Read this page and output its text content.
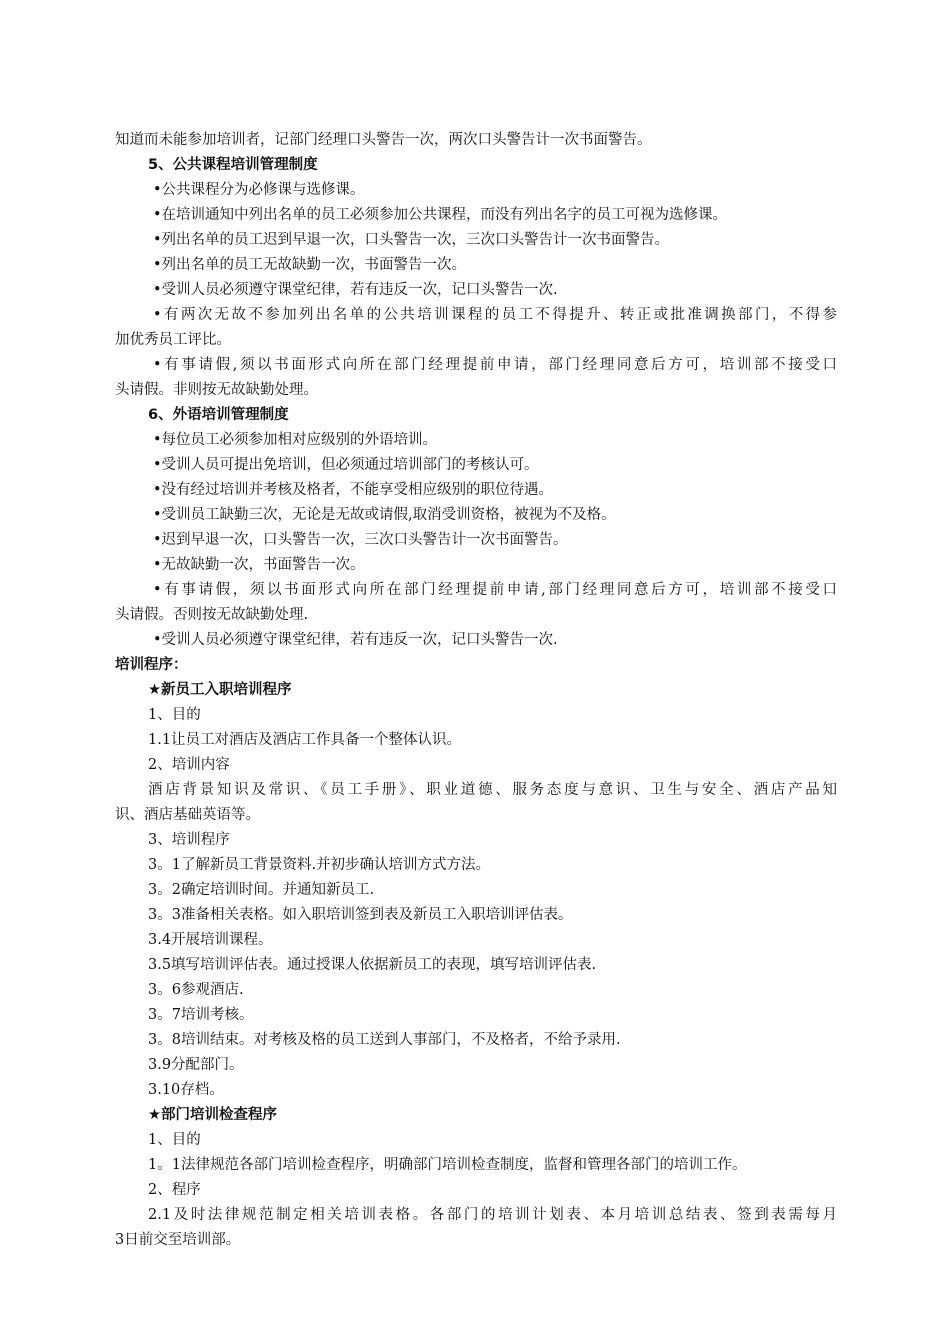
知道而未能参加培训者，记部门经理口头警告一次，两次口头警告计一次书面警告。
5、公共课程培训管理制度
•公共课程分为必修课与选修课。
•在培训通知中列出名单的员工必须参加公共课程，而没有列出名字的员工可视为选修课。
•列出名单的员工迟到早退一次，口头警告一次，三次口头警告计一次书面警告。
•列出名单的员工无故缺勤一次，书面警告一次。
•受训人员必须遵守课堂纪律，若有违反一次，记口头警告一次.
•有两次无故不参加列出名单的公共培训课程的员工不得提升、转正或批准调换部门，不得参
加优秀员工评比。
•有事请假,须以书面形式向所在部门经理提前申请，部门经理同意后方可，培训部不接受口
头请假。非则按无故缺勤处理。
6、外语培训管理制度
•每位员工必须参加相对应级别的外语培训。
•受训人员可提出免培训，但必须通过培训部门的考核认可。
•没有经过培训并考核及格者，不能享受相应级别的职位待遇。
•受训员工缺勤三次，无论是无故或请假,取消受训资格，被视为不及格。
•迟到早退一次，口头警告一次，三次口头警告计一次书面警告。
•无故缺勤一次，书面警告一次。
•有事请假，须以书面形式向所在部门经理提前申请,部门经理同意后方可，培训部不接受口
头请假。否则按无故缺勤处理.
•受训人员必须遵守课堂纪律，若有违反一次，记口头警告一次.
培训程序：
★新员工入职培训程序
1、目的
1.1让员工对酒店及酒店工作具备一个整体认识。
2、培训内容
酒店背景知识及常识、《员工手册》、职业道德、服务态度与意识、卫生与安全、酒店产品知
识、酒店基础英语等。
3、培训程序
3。1了解新员工背景资料.并初步确认培训方式方法。
3。2确定培训时间。并通知新员工.
3。3准备相关表格。如入职培训签到表及新员工入职培训评估表。
3.4开展培训课程。
3.5填写培训评估表。通过授课人依据新员工的表现，填写培训评估表.
3。6参观酒店.
3。7培训考核。
3。8培训结束。对考核及格的员工送到人事部门，不及格者，不给予录用.
3.9分配部门。
3.10存档。
★部门培训检查程序
1、目的
1。1法律规范各部门培训检查程序，明确部门培训检查制度，监督和管理各部门的培训工作。
2、程序
2.1及时法律规范制定相关培训表格。各部门的培训计划表、本月培训总结表、签到表需每月
3日前交至培训部。
